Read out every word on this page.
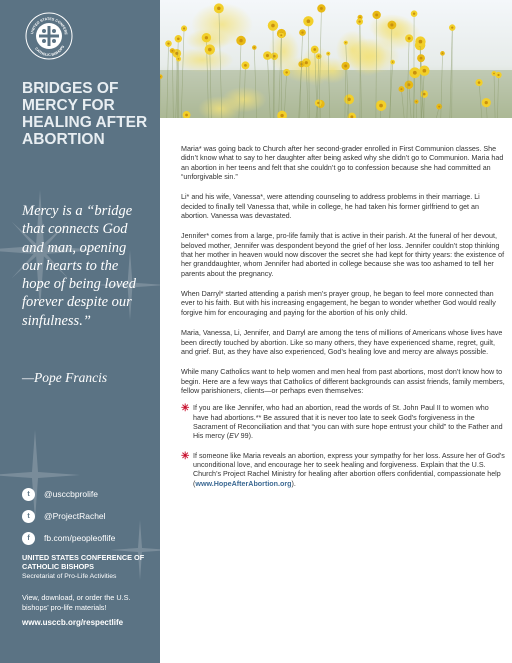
UNITED STATES CONFERE
CATHOLIC BISHOPS
BRIDGES OF MERCY FOR HEALING AFTER ABORTION
Mercy is a “bridge that connects God and man, opening our hearts to the hope of being loved forever despite our sinfulness.”
—Pope Francis
t	@usccbprolife
t	@ProjectRachel
f	fb.com/peopleoflife
UNITED STATES CONFERENCE OF CATHOLIC BISHOPS
Secretariat of Pro-Life Activities
View, download, or order the U.S. bishops’ pro-life materials!
www.usccb.org/respectlife
Maria* was going back to Church after her second-grader enrolled in First Communion classes. She didn’t know what to say to her daughter after being asked why she didn’t go to Communion. Maria had an abortion in her teens and felt that she couldn’t go to confession because she had committed an “unforgivable sin.”
Li* and his wife, Vanessa*, were attending counseling to address problems in their marriage. Li decided to finally tell Vanessa that, while in college, he had taken his former girlfriend to get an abortion. Vanessa was devastated.
Jennifer* comes from a large, pro-life family that is active in their parish. At the funeral of her devout, beloved mother, Jennifer was despondent beyond the grief of her loss. Jennifer couldn’t stop thinking that her mother in heaven would now discover the secret she had kept for thirty years: the existence of her granddaughter, whom Jennifer had aborted in college because she was too ashamed to tell her parents about the pregnancy.
When Darryl* started attending a parish men’s prayer group, he began to feel more connected than ever to his faith. But with his increasing engagement, he began to wonder whether God would really forgive him for encouraging and paying for the abortion of his only child.
Maria, Vanessa, Li, Jennifer, and Darryl are among the tens of millions of Americans whose lives have been directly touched by abortion. Like so many others, they have experienced shame, regret, guilt, and grief. But, as they have also experienced, God’s healing love and mercy are always possible.
While many Catholics want to help women and men heal from past abortions, most don’t know how to begin. Here are a few ways that Catholics of different backgrounds can assist friends, family members, fellow parishioners, clients—or perhaps even themselves:
✳ If you are like Jennifer, who had an abortion, read the words of St. John Paul II to women who have had abortions.** Be assured that it is never too late to seek God’s forgiveness in the Sacrament of Reconciliation and that “you can with sure hope entrust your child” to the Father and His mercy (EV 99).
✳ If someone like Maria reveals an abortion, express your sympathy for her loss. Assure her of God’s unconditional love, and encourage her to seek healing and forgiveness. Explain that the U.S. Church’s Project Rachel Ministry for healing after abortion offers confidential, compassionate help (www.HopeAfterAbortion.org).
